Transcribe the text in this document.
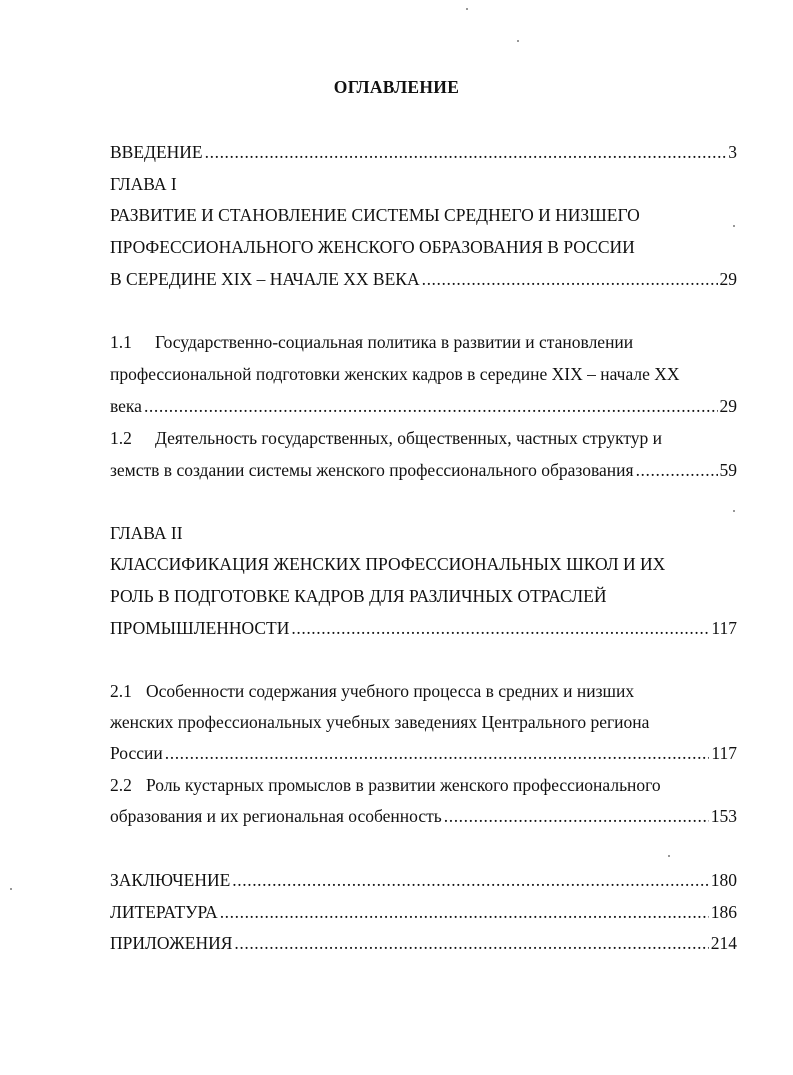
ОГЛАВЛЕНИЕ
ВВЕДЕНИЕ .....	3
ГЛАВА I
РАЗВИТИЕ И СТАНОВЛЕНИЕ СИСТЕМЫ СРЕДНЕГО И НИЗШЕГО
ПРОФЕССИОНАЛЬНОГО ЖЕНСКОГО ОБРАЗОВАНИЯ В РОССИИ
В СЕРЕДИНЕ XIX – НАЧАЛЕ XX ВЕКА .....	29
1.1 Государственно-социальная политика в развитии и становлении
профессиональной подготовки женских кадров в середине XIX – начале XX
века .....	29
1.2 Деятельность государственных, общественных, частных структур и
земств в создании системы женского профессионального образования .....	59
ГЛАВА II
КЛАССИФИКАЦИЯ ЖЕНСКИХ ПРОФЕССИОНАЛЬНЫХ ШКОЛ И ИХ
РОЛЬ В ПОДГОТОВКЕ КАДРОВ ДЛЯ РАЗЛИЧНЫХ ОТРАСЛЕЙ
ПРОМЫШЛЕННОСТИ .....	117
2.1 Особенности содержания учебного процесса в средних и низших
женских профессиональных учебных заведениях Центрального региона
России .....	117
2.2 Роль кустарных промыслов в развитии женского профессионального
образования и их региональная особенность .....	153
ЗАКЛЮЧЕНИЕ .....	180
ЛИТЕРАТУРА .....	186
ПРИЛОЖЕНИЯ .....	214
